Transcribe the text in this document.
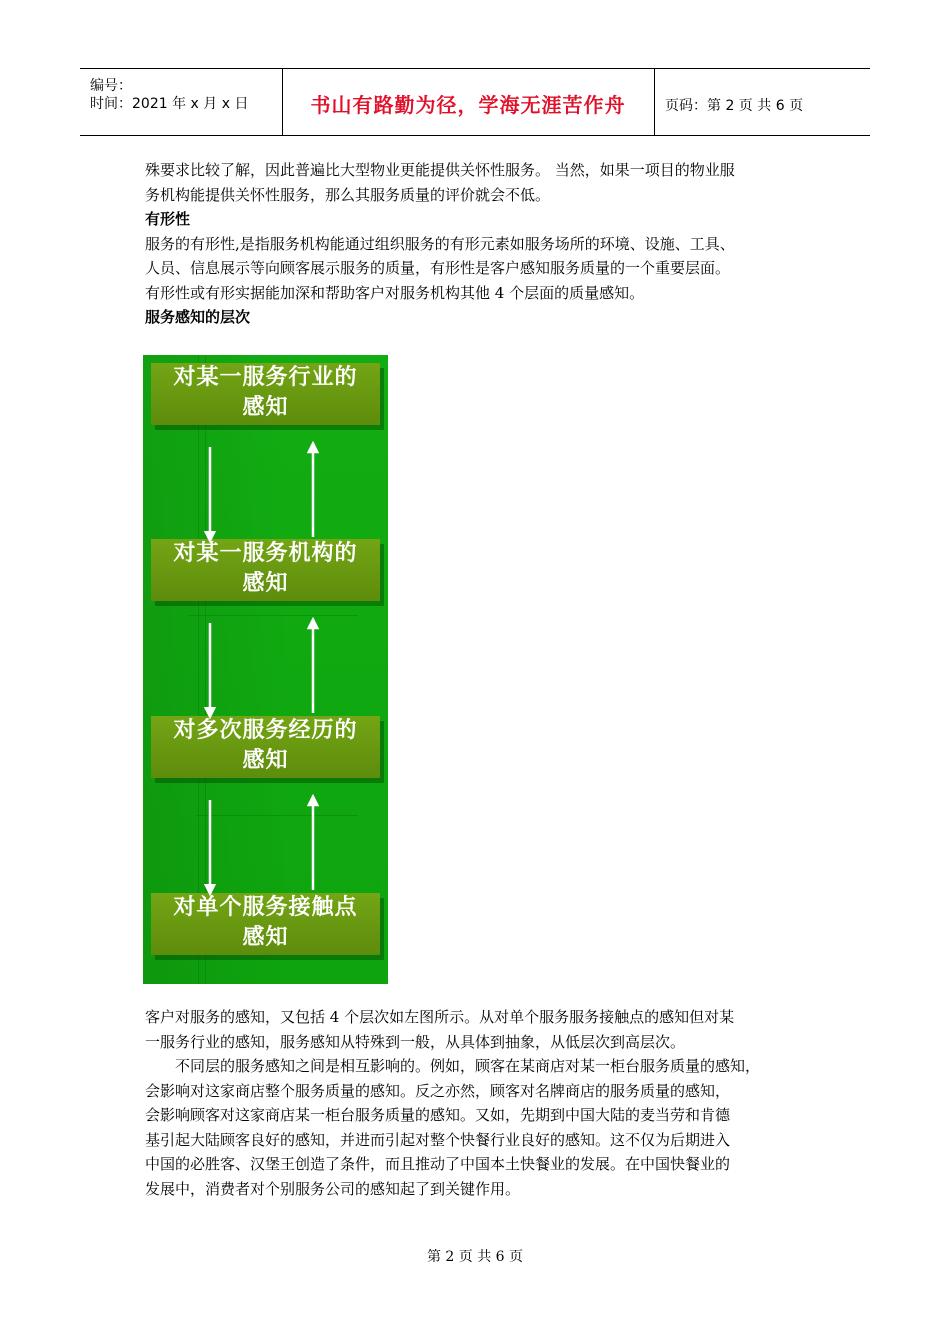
编号：
时间：2021 年 x 月 x 日	书山有路勤为径，学海无涯苦作舟	页码：第 2 页 共 6 页

殊要求比较了解，因此普遍比大型物业更能提供关怀性服务。 当然，如果一项目的物业服

务机构能提供关怀性服务，那么其服务质量的评价就会不低。

有形性

服务的有形性,是指服务机构能通过组织服务的有形元素如服务场所的环境、设施、工具、

人员、信息展示等向顾客展示服务的质量，有形性是客户感知服务质量的一个重要层面。

有形性或有形实据能加深和帮助客户对服务机构其他 4 个层面的质量感知。

服务感知的层次

对某一服务行业的
感知
对某一服务机构的
感知
对多次服务经历的
感知
对单个服务接触点
感知

客户对服务的感知，又包括 4 个层次如左图所示。从对单个服务服务接触点的感知但对某

一服务行业的感知，服务感知从特殊到一般，从具体到抽象，从低层次到高层次。

不同层的服务感知之间是相互影响的。例如，顾客在某商店对某一柜台服务质量的感知，

会影响对这家商店整个服务质量的感知。反之亦然，顾客对名牌商店的服务质量的感知，

会影响顾客对这家商店某一柜台服务质量的感知。又如，先期到中国大陆的麦当劳和肯德

基引起大陆顾客良好的感知，并进而引起对整个快餐行业良好的感知。这不仅为后期进入

中国的必胜客、汉堡王创造了条件，而且推动了中国本土快餐业的发展。在中国快餐业的

发展中，消费者对个别服务公司的感知起了到关键作用。

第 2 页 共 6 页
